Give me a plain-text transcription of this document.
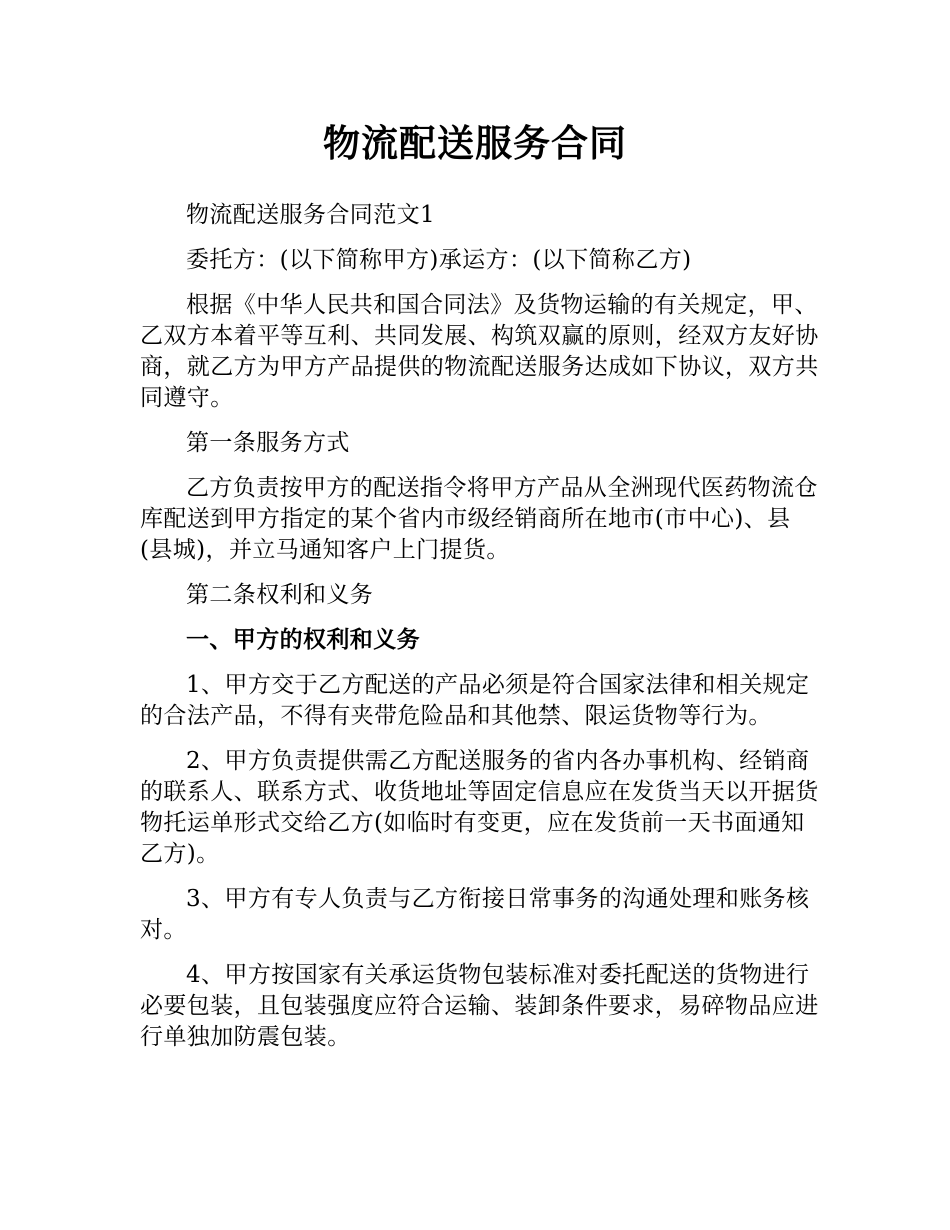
物流配送服务合同

物流配送服务合同范文1

委托方：(以下简称甲方)承运方：(以下简称乙方)

根据《中华人民共和国合同法》及货物运输的有关规定，甲、乙双方本着平等互利、共同发展、构筑双赢的原则，经双方友好协商，就乙方为甲方产品提供的物流配送服务达成如下协议，双方共同遵守。

第一条服务方式

乙方负责按甲方的配送指令将甲方产品从全洲现代医药物流仓库配送到甲方指定的某个省内市级经销商所在地市(市中心)、县(县城)，并立马通知客户上门提货。

第二条权利和义务

一、甲方的权利和义务

1、甲方交于乙方配送的产品必须是符合国家法律和相关规定的合法产品，不得有夹带危险品和其他禁、限运货物等行为。

2、甲方负责提供需乙方配送服务的省内各办事机构、经销商的联系人、联系方式、收货地址等固定信息应在发货当天以开据货物托运单形式交给乙方(如临时有变更，应在发货前一天书面通知乙方)。

3、甲方有专人负责与乙方衔接日常事务的沟通处理和账务核对。

4、甲方按国家有关承运货物包装标准对委托配送的货物进行必要包装，且包装强度应符合运输、装卸条件要求，易碎物品应进行单独加防震包装。
